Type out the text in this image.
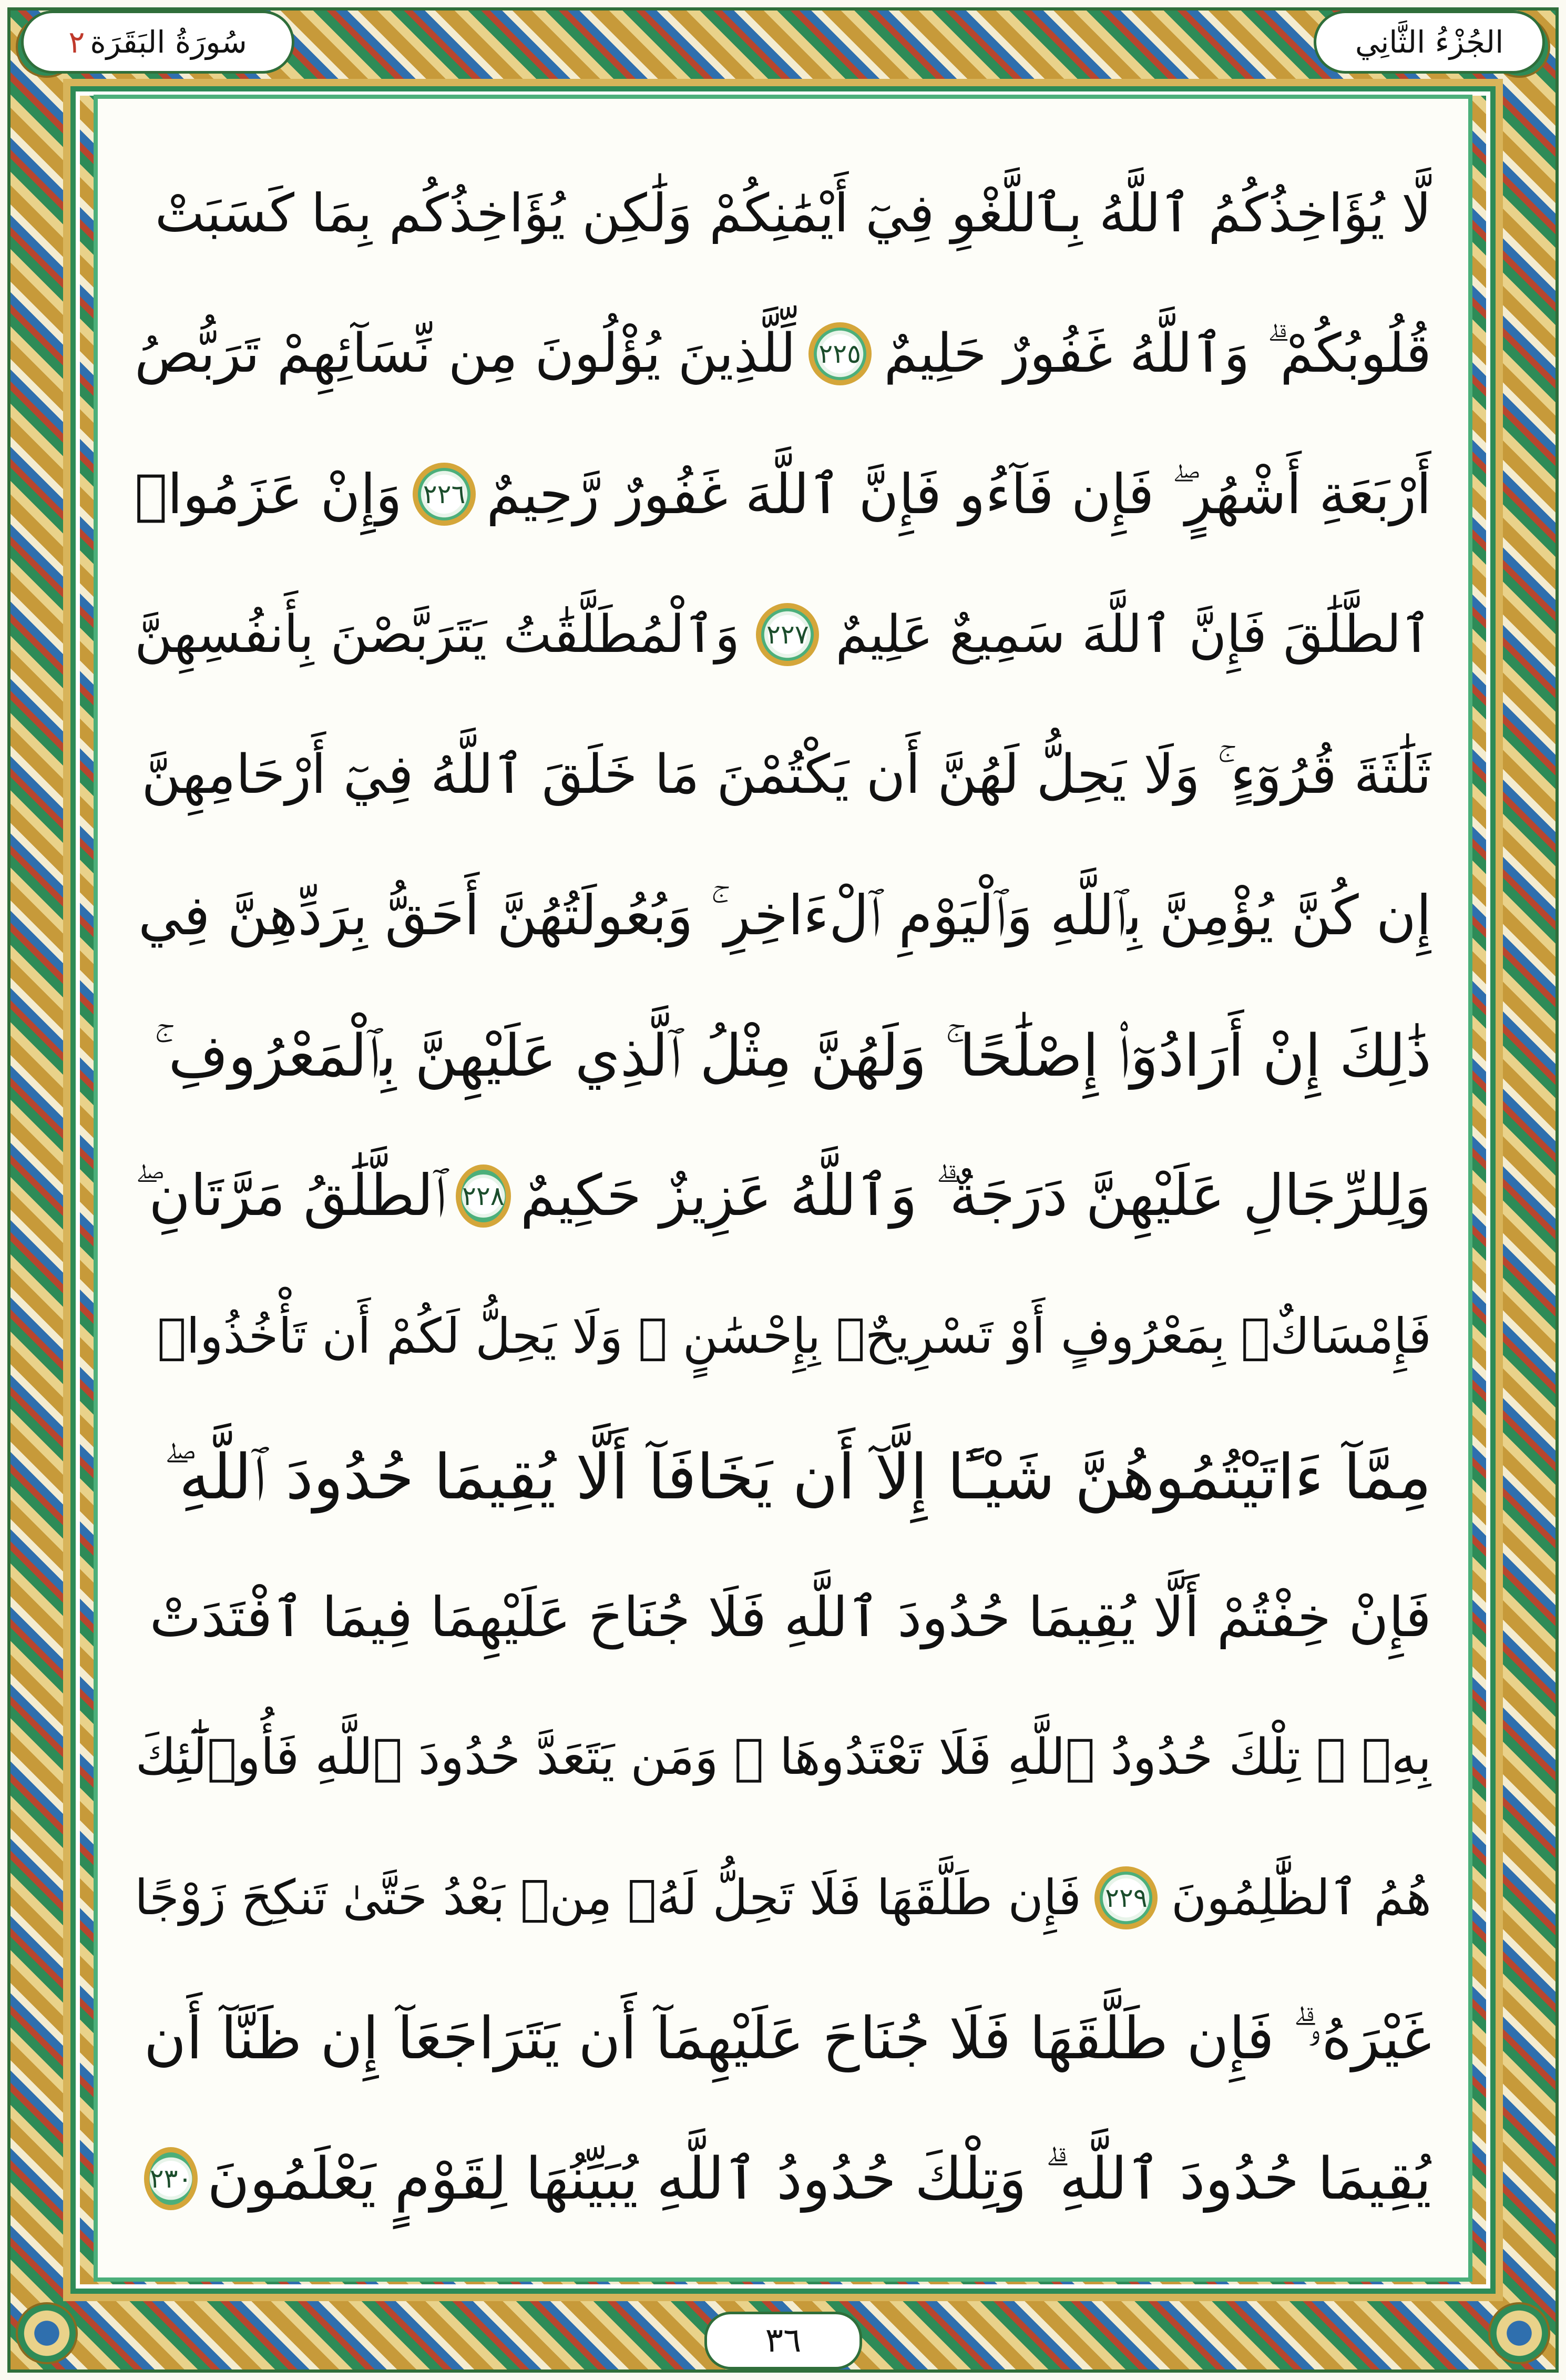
الجُزْءُ الثَّانِي
سُورَةُ البَقَرَة
٢
لَّا يُؤَاخِذُكُمُ ٱللَّهُ بِٱللَّغْوِ فِيٓ أَيْمَٰنِكُمْ وَلَٰكِن يُؤَاخِذُكُم بِمَا كَسَبَتْ
قُلُوبُكُمْ ۗ وَٱللَّهُ غَفُورٌ حَلِيمٌ
٢٢٥
لِّلَّذِينَ يُؤْلُونَ مِن نِّسَآئِهِمْ تَرَبُّصُ
أَرْبَعَةِ أَشْهُرٍ ۖ فَإِن فَآءُو فَإِنَّ ٱللَّهَ غَفُورٌ رَّحِيمٌ
٢٢٦
وَإِنْ عَزَمُوا۟
ٱلطَّلَٰقَ فَإِنَّ ٱللَّهَ سَمِيعٌ عَلِيمٌ
٢٢٧
وَٱلْمُطَلَّقَٰتُ يَتَرَبَّصْنَ بِأَنفُسِهِنَّ
ثَلَٰثَةَ قُرُوٓءٍ ۚ وَلَا يَحِلُّ لَهُنَّ أَن يَكْتُمْنَ مَا خَلَقَ ٱللَّهُ فِيٓ أَرْحَامِهِنَّ
إِن كُنَّ يُؤْمِنَّ بِٱللَّهِ وَٱلْيَوْمِ ٱلْءَاخِرِ ۚ وَبُعُولَتُهُنَّ أَحَقُّ بِرَدِّهِنَّ فِي
ذَٰلِكَ إِنْ أَرَادُوٓا۟ إِصْلَٰحًا ۚ وَلَهُنَّ مِثْلُ ٱلَّذِي عَلَيْهِنَّ بِٱلْمَعْرُوفِ ۚ
وَلِلرِّجَالِ عَلَيْهِنَّ دَرَجَةٌ ۗ وَٱللَّهُ عَزِيزٌ حَكِيمٌ
٢٢٨
ٱلطَّلَٰقُ مَرَّتَانِ ۖ
فَإِمْسَاكٌۢ بِمَعْرُوفٍ أَوْ تَسْرِيحٌۢ بِإِحْسَٰنٍ ۗ وَلَا يَحِلُّ لَكُمْ أَن تَأْخُذُوا۟
مِمَّآ ءَاتَيْتُمُوهُنَّ شَيْـًٔا إِلَّآ أَن يَخَافَآ أَلَّا يُقِيمَا حُدُودَ ٱللَّهِ ۖ
فَإِنْ خِفْتُمْ أَلَّا يُقِيمَا حُدُودَ ٱللَّهِ فَلَا جُنَاحَ عَلَيْهِمَا فِيمَا ٱفْتَدَتْ
بِهِۦ ۗ تِلْكَ حُدُودُ ٱللَّهِ فَلَا تَعْتَدُوهَا ۚ وَمَن يَتَعَدَّ حُدُودَ ٱللَّهِ فَأُو۟لَٰٓئِكَ
هُمُ ٱلظَّٰلِمُونَ
٢٢٩
فَإِن طَلَّقَهَا فَلَا تَحِلُّ لَهُۥ مِنۢ بَعْدُ حَتَّىٰ تَنكِحَ زَوْجًا
غَيْرَهُۥ ۗ فَإِن طَلَّقَهَا فَلَا جُنَاحَ عَلَيْهِمَآ أَن يَتَرَاجَعَآ إِن ظَنَّآ أَن
يُقِيمَا حُدُودَ ٱللَّهِ ۗ وَتِلْكَ حُدُودُ ٱللَّهِ يُبَيِّنُهَا لِقَوْمٍ يَعْلَمُونَ
٢٣٠
٣٦
